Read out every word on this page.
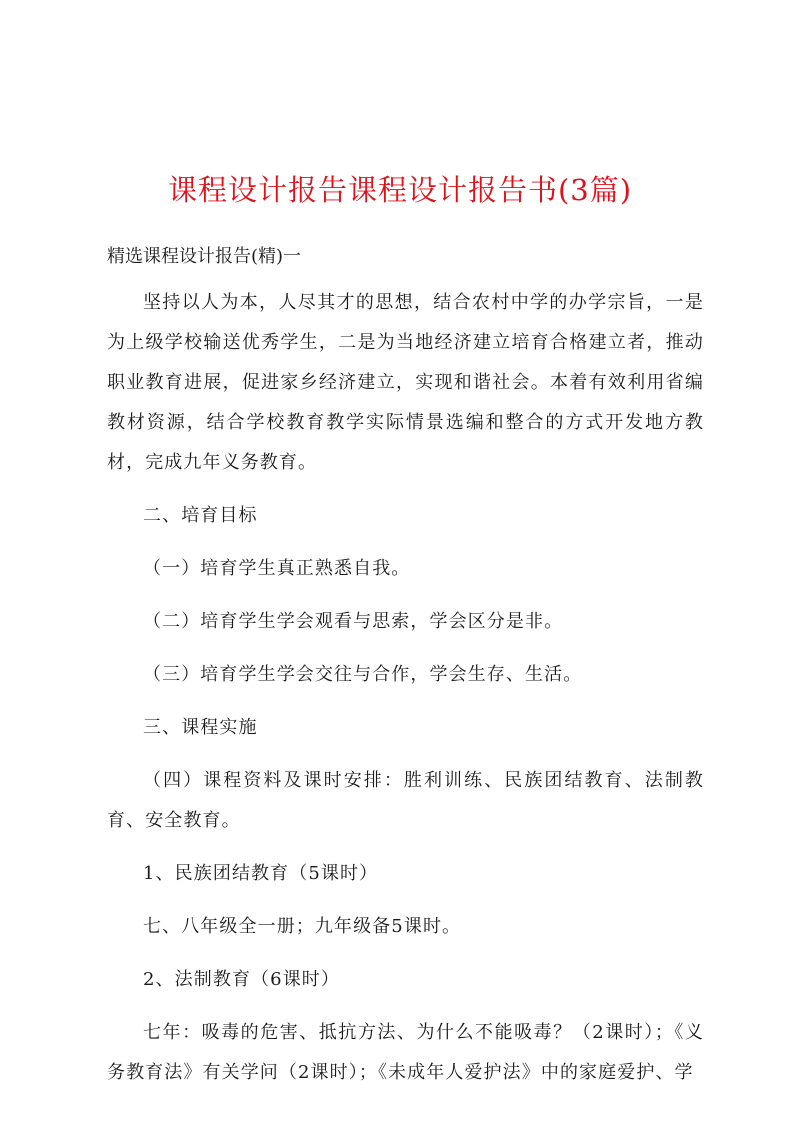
课程设计报告课程设计报告书(3篇)
精选课程设计报告(精)一

坚持以人为本，人尽其才的思想，结合农村中学的办学宗旨，一是为上级学校输送优秀学生，二是为当地经济建立培育合格建立者，推动职业教育进展，促进家乡经济建立，实现和谐社会。本着有效利用省编教材资源，结合学校教育教学实际情景选编和整合的方式开发地方教材，完成九年义务教育。

二、培育目标

（一）培育学生真正熟悉自我。

（二）培育学生学会观看与思索，学会区分是非。

（三）培育学生学会交往与合作，学会生存、生活。

三、课程实施

（四）课程资料及课时安排：胜利训练、民族团结教育、法制教育、安全教育。

1、民族团结教育（5课时）

七、八年级全一册；九年级备5课时。

2、法制教育（6课时）

七年：吸毒的危害、抵抗方法、为什么不能吸毒？（2课时）；《义务教育法》有关学问（2课时）；《未成年人爱护法》中的家庭爱护、学
